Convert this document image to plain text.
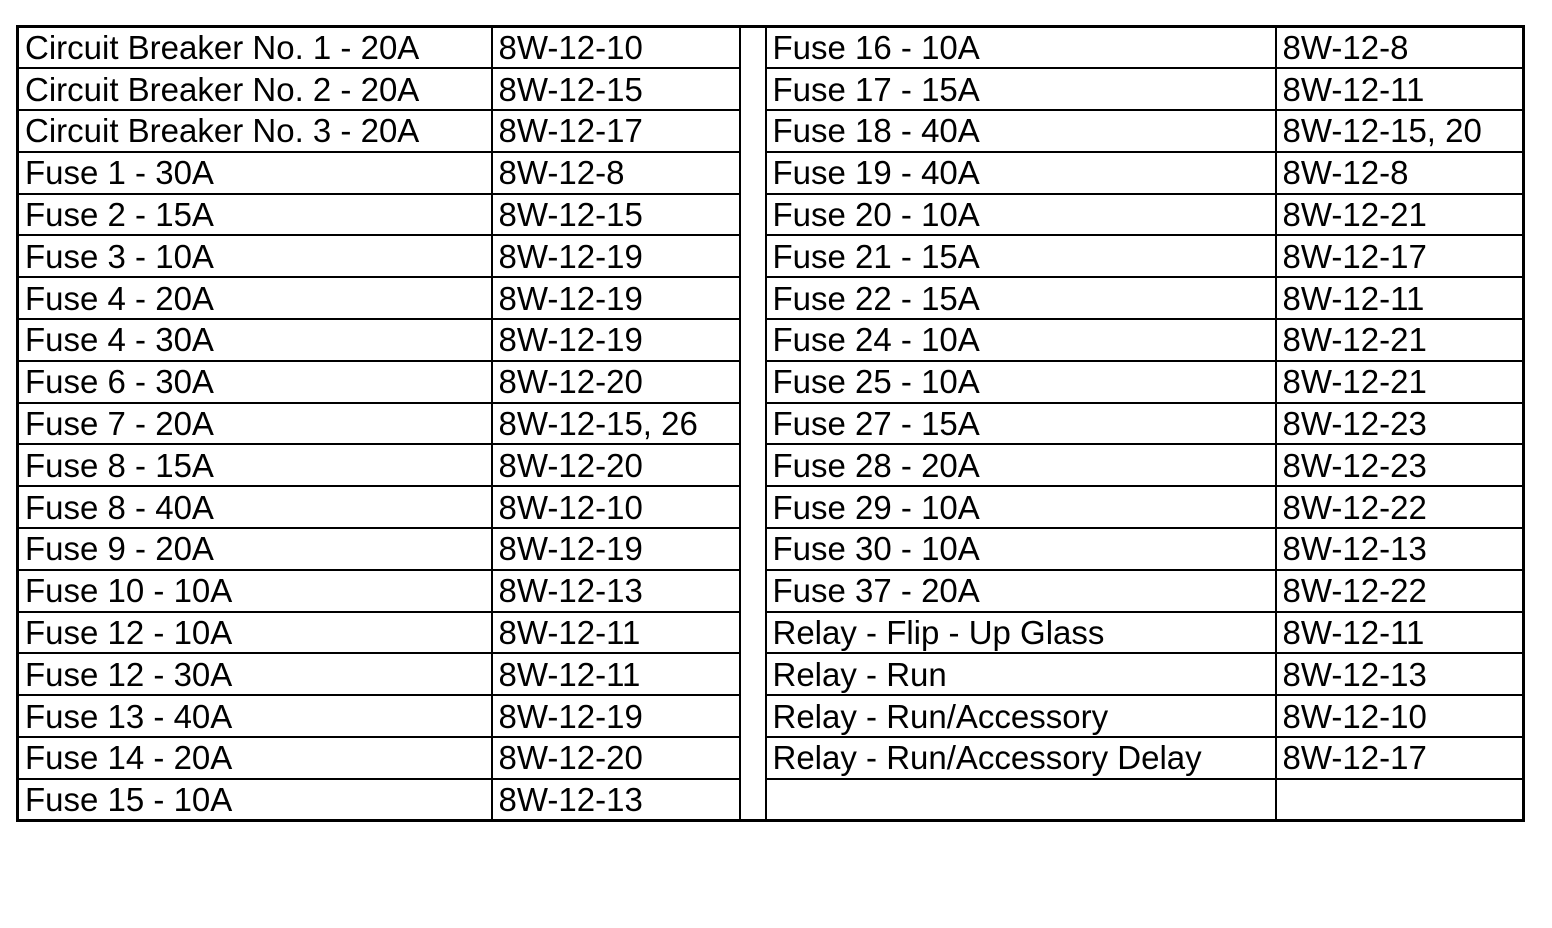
Circuit Breaker No. 1 - 20A	8W-12-10		Fuse 16 - 10A	8W-12-8
Circuit Breaker No. 2 - 20A	8W-12-15		Fuse 17 - 15A	8W-12-11
Circuit Breaker No. 3 - 20A	8W-12-17		Fuse 18 - 40A	8W-12-15, 20
Fuse 1 - 30A	8W-12-8		Fuse 19 - 40A	8W-12-8
Fuse 2 - 15A	8W-12-15		Fuse 20 - 10A	8W-12-21
Fuse 3 - 10A	8W-12-19		Fuse 21 - 15A	8W-12-17
Fuse 4 - 20A	8W-12-19		Fuse 22 - 15A	8W-12-11
Fuse 4 - 30A	8W-12-19		Fuse 24 - 10A	8W-12-21
Fuse 6 - 30A	8W-12-20		Fuse 25 - 10A	8W-12-21
Fuse 7 - 20A	8W-12-15, 26		Fuse 27 - 15A	8W-12-23
Fuse 8 - 15A	8W-12-20		Fuse 28 - 20A	8W-12-23
Fuse 8 - 40A	8W-12-10		Fuse 29 - 10A	8W-12-22
Fuse 9 - 20A	8W-12-19		Fuse 30 - 10A	8W-12-13
Fuse 10 - 10A	8W-12-13		Fuse 37 - 20A	8W-12-22
Fuse 12 - 10A	8W-12-11		Relay - Flip - Up Glass	8W-12-11
Fuse 12 - 30A	8W-12-11		Relay - Run	8W-12-13
Fuse 13 - 40A	8W-12-19		Relay - Run/Accessory	8W-12-10
Fuse 14 - 20A	8W-12-20		Relay - Run/Accessory Delay	8W-12-17
Fuse 15 - 10A	8W-12-13			
